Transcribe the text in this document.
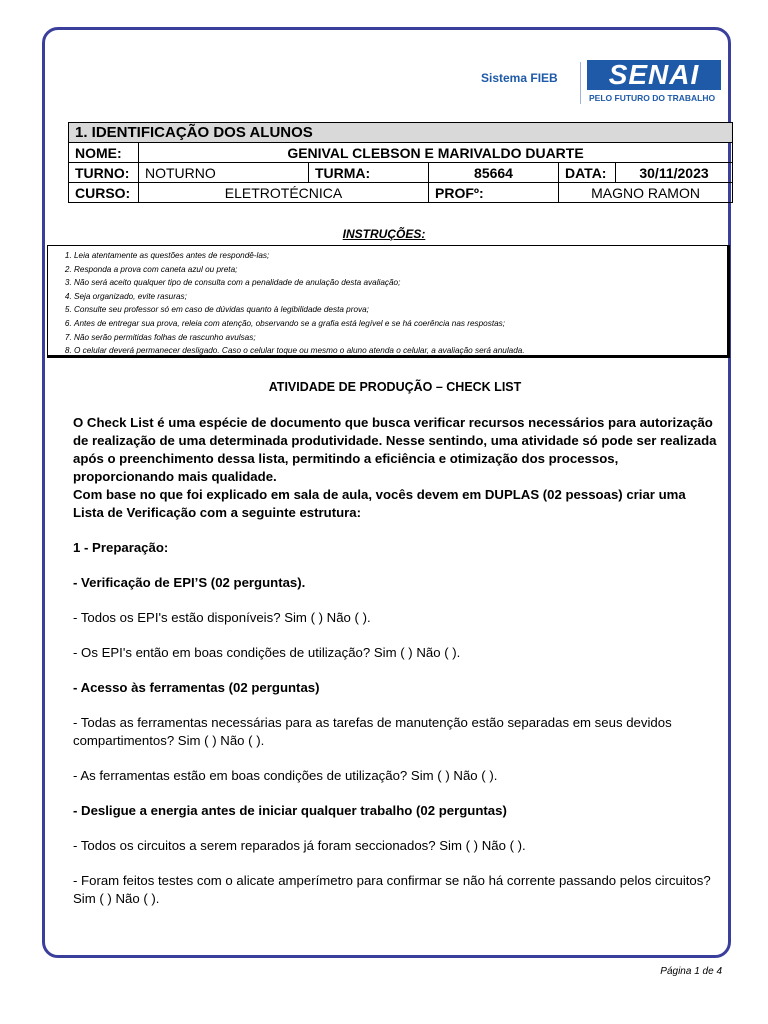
Sistema FIEB	SENAI
PELO FUTURO DO TRABALHO
1. IDENTIFICAÇÃO DOS ALUNOS					
NOME:	GENIVAL CLEBSON E MARIVALDO DUARTE				
TURNO:	NOTURNO	TURMA:	85664	DATA:	30/11/2023
CURSO:	ELETROTÉCNICA		PROFº:	MAGNO RAMON	
INSTRUÇÕES:
1. Leia atentamente as questões antes de respondê-las;
2. Responda a prova com caneta azul ou preta;
3. Não será aceito qualquer tipo de consulta com a penalidade de anulação desta avaliação;
4. Seja organizado, evite rasuras;
5. Consulte seu professor só em caso de dúvidas quanto à legibilidade desta prova;
6. Antes de entregar sua prova, releia com atenção, observando se a grafia está legível e se há coerência nas respostas;
7. Não serão permitidas folhas de rascunho avulsas;
8. O celular deverá permanecer desligado. Caso o celular toque ou mesmo o aluno atenda o celular, a avaliação será anulada.

ATIVIDADE DE PRODUÇÃO – CHECK LIST

O Check List é uma espécie de documento que busca verificar recursos necessários para autorização de realização de uma determinada produtividade. Nesse sentindo, uma atividade só pode ser realizada após o preenchimento dessa lista, permitindo a eficiência e otimização dos processos, proporcionando mais qualidade.

Com base no que foi explicado em sala de aula, vocês devem em DUPLAS (02 pessoas) criar uma Lista de Verificação com a seguinte estrutura:

1 - Preparação:

- Verificação de EPI’S (02 perguntas).

- Todos os EPI's estão disponíveis? Sim ( ) Não ( ).

- Os EPI's então em boas condições de utilização? Sim ( ) Não ( ).

- Acesso às ferramentas (02 perguntas)

- Todas as ferramentas necessárias para as tarefas de manutenção estão separadas em seus devidos compartimentos? Sim ( ) Não ( ).

- As ferramentas estão em boas condições de utilização? Sim ( ) Não ( ).

- Desligue a energia antes de iniciar qualquer trabalho (02 perguntas)

- Todos os circuitos a serem reparados já foram seccionados? Sim ( ) Não ( ).

- Foram feitos testes com o alicate amperímetro para confirmar se não há corrente passando pelos circuitos? Sim ( ) Não ( ).

Página 1 de 4
